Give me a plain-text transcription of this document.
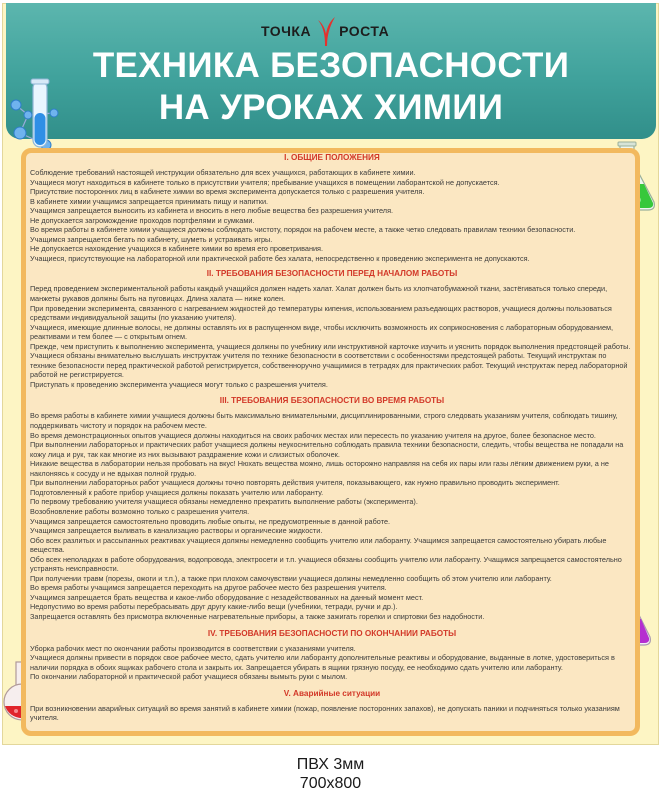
ТОЧКА РОСТА
ТЕХНИКА БЕЗОПАСНОСТИ
НА УРОКАХ ХИМИИ
I. ОБЩИЕ ПОЛОЖЕНИЯ

Соблюдение требований настоящей инструкции обязательно для всех учащихся, работающих в кабинете химии.

Учащиеся могут находиться в кабинете только в присутствии учителя; пребывание учащихся в помещении лаборантской не допускается.

Присутствие посторонних лиц в кабинете химии во время эксперимента допускается только с разрешения учителя.

В кабинете химии учащимся запрещается принимать пищу и напитки.

Учащимся запрещается выносить из кабинета и вносить в него любые вещества без разрешения учителя.

Не допускается загромождение проходов портфелями и сумками.

Во время работы в кабинете химии учащиеся должны соблюдать чистоту, порядок на рабочем месте, а также четко следовать правилам техники безопасности.

Учащимся запрещается бегать по кабинету, шуметь и устраивать игры.

Не допускается нахождение учащихся в кабинете химии во время его проветривания.

Учащиеся, присутствующие на лабораторной или практической работе без халата, непосредственно к проведению эксперимента не допускаются.

II. ТРЕБОВАНИЯ БЕЗОПАСНОСТИ ПЕРЕД НАЧАЛОМ РАБОТЫ

Перед проведением экспериментальной работы каждый учащийся должен надеть халат. Халат должен быть из хлопчатобумажной ткани, застёгиваться только спереди, манжеты рукавов должны быть на пуговицах. Длина халата — ниже колен.

При проведении эксперимента, связанного с нагреванием жидкостей до температуры кипения, использованием разъедающих растворов, учащиеся должны пользоваться средствами индивидуальной защиты (по указанию учителя).

Учащиеся, имеющие длинные волосы, не должны оставлять их в распущенном виде, чтобы исключить возможность их соприкосновения с лабораторным оборудованием, реактивами и тем более — с открытым огнем.

Прежде, чем приступить к выполнению эксперимента, учащиеся должны по учебнику или инструктивной карточке изучить и уяснить порядок выполнения предстоящей работы.

Учащиеся обязаны внимательно выслушать инструктаж учителя по технике безопасности в соответствии с особенностями предстоящей работы. Текущий инструктаж по технике безопасности перед практической работой регистрируется, собственноручно учащимися в тетрадях для практических работ. Текущий инструктаж перед лабораторной работой не регистрируется.

Приступать к проведению эксперимента учащиеся могут только с разрешения учителя.

III. ТРЕБОВАНИЯ БЕЗОПАСНОСТИ ВО ВРЕМЯ РАБОТЫ

Во время работы в кабинете химии учащиеся должны быть максимально внимательными, дисциплинированными, строго следовать указаниям учителя, соблюдать тишину, поддерживать чистоту и порядок на рабочем месте.

Во время демонстрационных опытов учащиеся должны находиться на своих рабочих местах или пересесть по указанию учителя на другое, более безопасное место.

При выполнении лабораторных и практических работ учащиеся должны неукоснительно соблюдать правила техники безопасности, следить, чтобы вещества не попадали на кожу лица и рук, так как многие из них вызывают раздражение кожи и слизистых оболочек.

Никакие вещества в лаборатории нельзя пробовать на вкус! Нюхать вещества можно, лишь осторожно направляя на себя их пары или газы лёгким движением руки, а не наклоняясь к сосуду и не вдыхая полной грудью.

При выполнении лабораторных работ учащиеся должны точно повторять действия учителя, показывающего, как нужно правильно проводить эксперимент.

Подготовленный к работе прибор учащиеся должны показать учителю или лаборанту.

По первому требованию учителя учащиеся обязаны немедленно прекратить выполнение работы (эксперимента).

Возобновление работы возможно только с разрешения учителя.

Учащимся запрещается самостоятельно проводить любые опыты, не предусмотренные в данной работе.

Учащимся запрещается выливать в канализацию растворы и органические жидкости.

Обо всех разлитых и рассыпанных реактивах учащиеся должны немедленно сообщить учителю или лаборанту. Учащимся запрещается самостоятельно убирать любые вещества.

Обо всех неполадках в работе оборудования, водопровода, электросети и т.п. учащиеся обязаны сообщить учителю или лаборанту. Учащимся запрещается самостоятельно устранять неисправности.

При получении травм (порезы, ожоги и т.п.), а также при плохом самочувствии учащиеся должны немедленно сообщить об этом учителю или лаборанту.

Во время работы учащимся запрещается переходить на другое рабочее место без разрешения учителя.

Учащимся запрещается брать вещества и какое-либо оборудование с незадействованных на данный момент мест.

Недопустимо во время работы перебрасывать друг другу какие-либо вещи (учебники, тетради, ручки и др.).

Запрещается оставлять без присмотра включенные нагревательные приборы, а также зажигать горелки и спиртовки без надобности.

IV. ТРЕБОВАНИЯ БЕЗОПАСНОСТИ ПО ОКОНЧАНИИ РАБОТЫ

Уборка рабочих мест по окончании работы производится в соответствии с указаниями учителя.

Учащиеся должны привести в порядок свое рабочее место, сдать учителю или лаборанту дополнительные реактивы и оборудование, выданные в лотке, удостовериться в наличии порядка в обоих ящиках рабочего стола и закрыть их. Запрещается убирать в ящики грязную посуду, ее необходимо сдать учителю или лаборанту.

По окончании лабораторной и практической работ учащиеся обязаны вымыть руки с мылом.

V. Аварийные ситуации

При возникновении аварийных ситуаций во время занятий в кабинете химии (пожар, появление посторонних запахов), не допускать паники и подчиняться только указаниям учителя.

ПВХ 3мм
700x800
